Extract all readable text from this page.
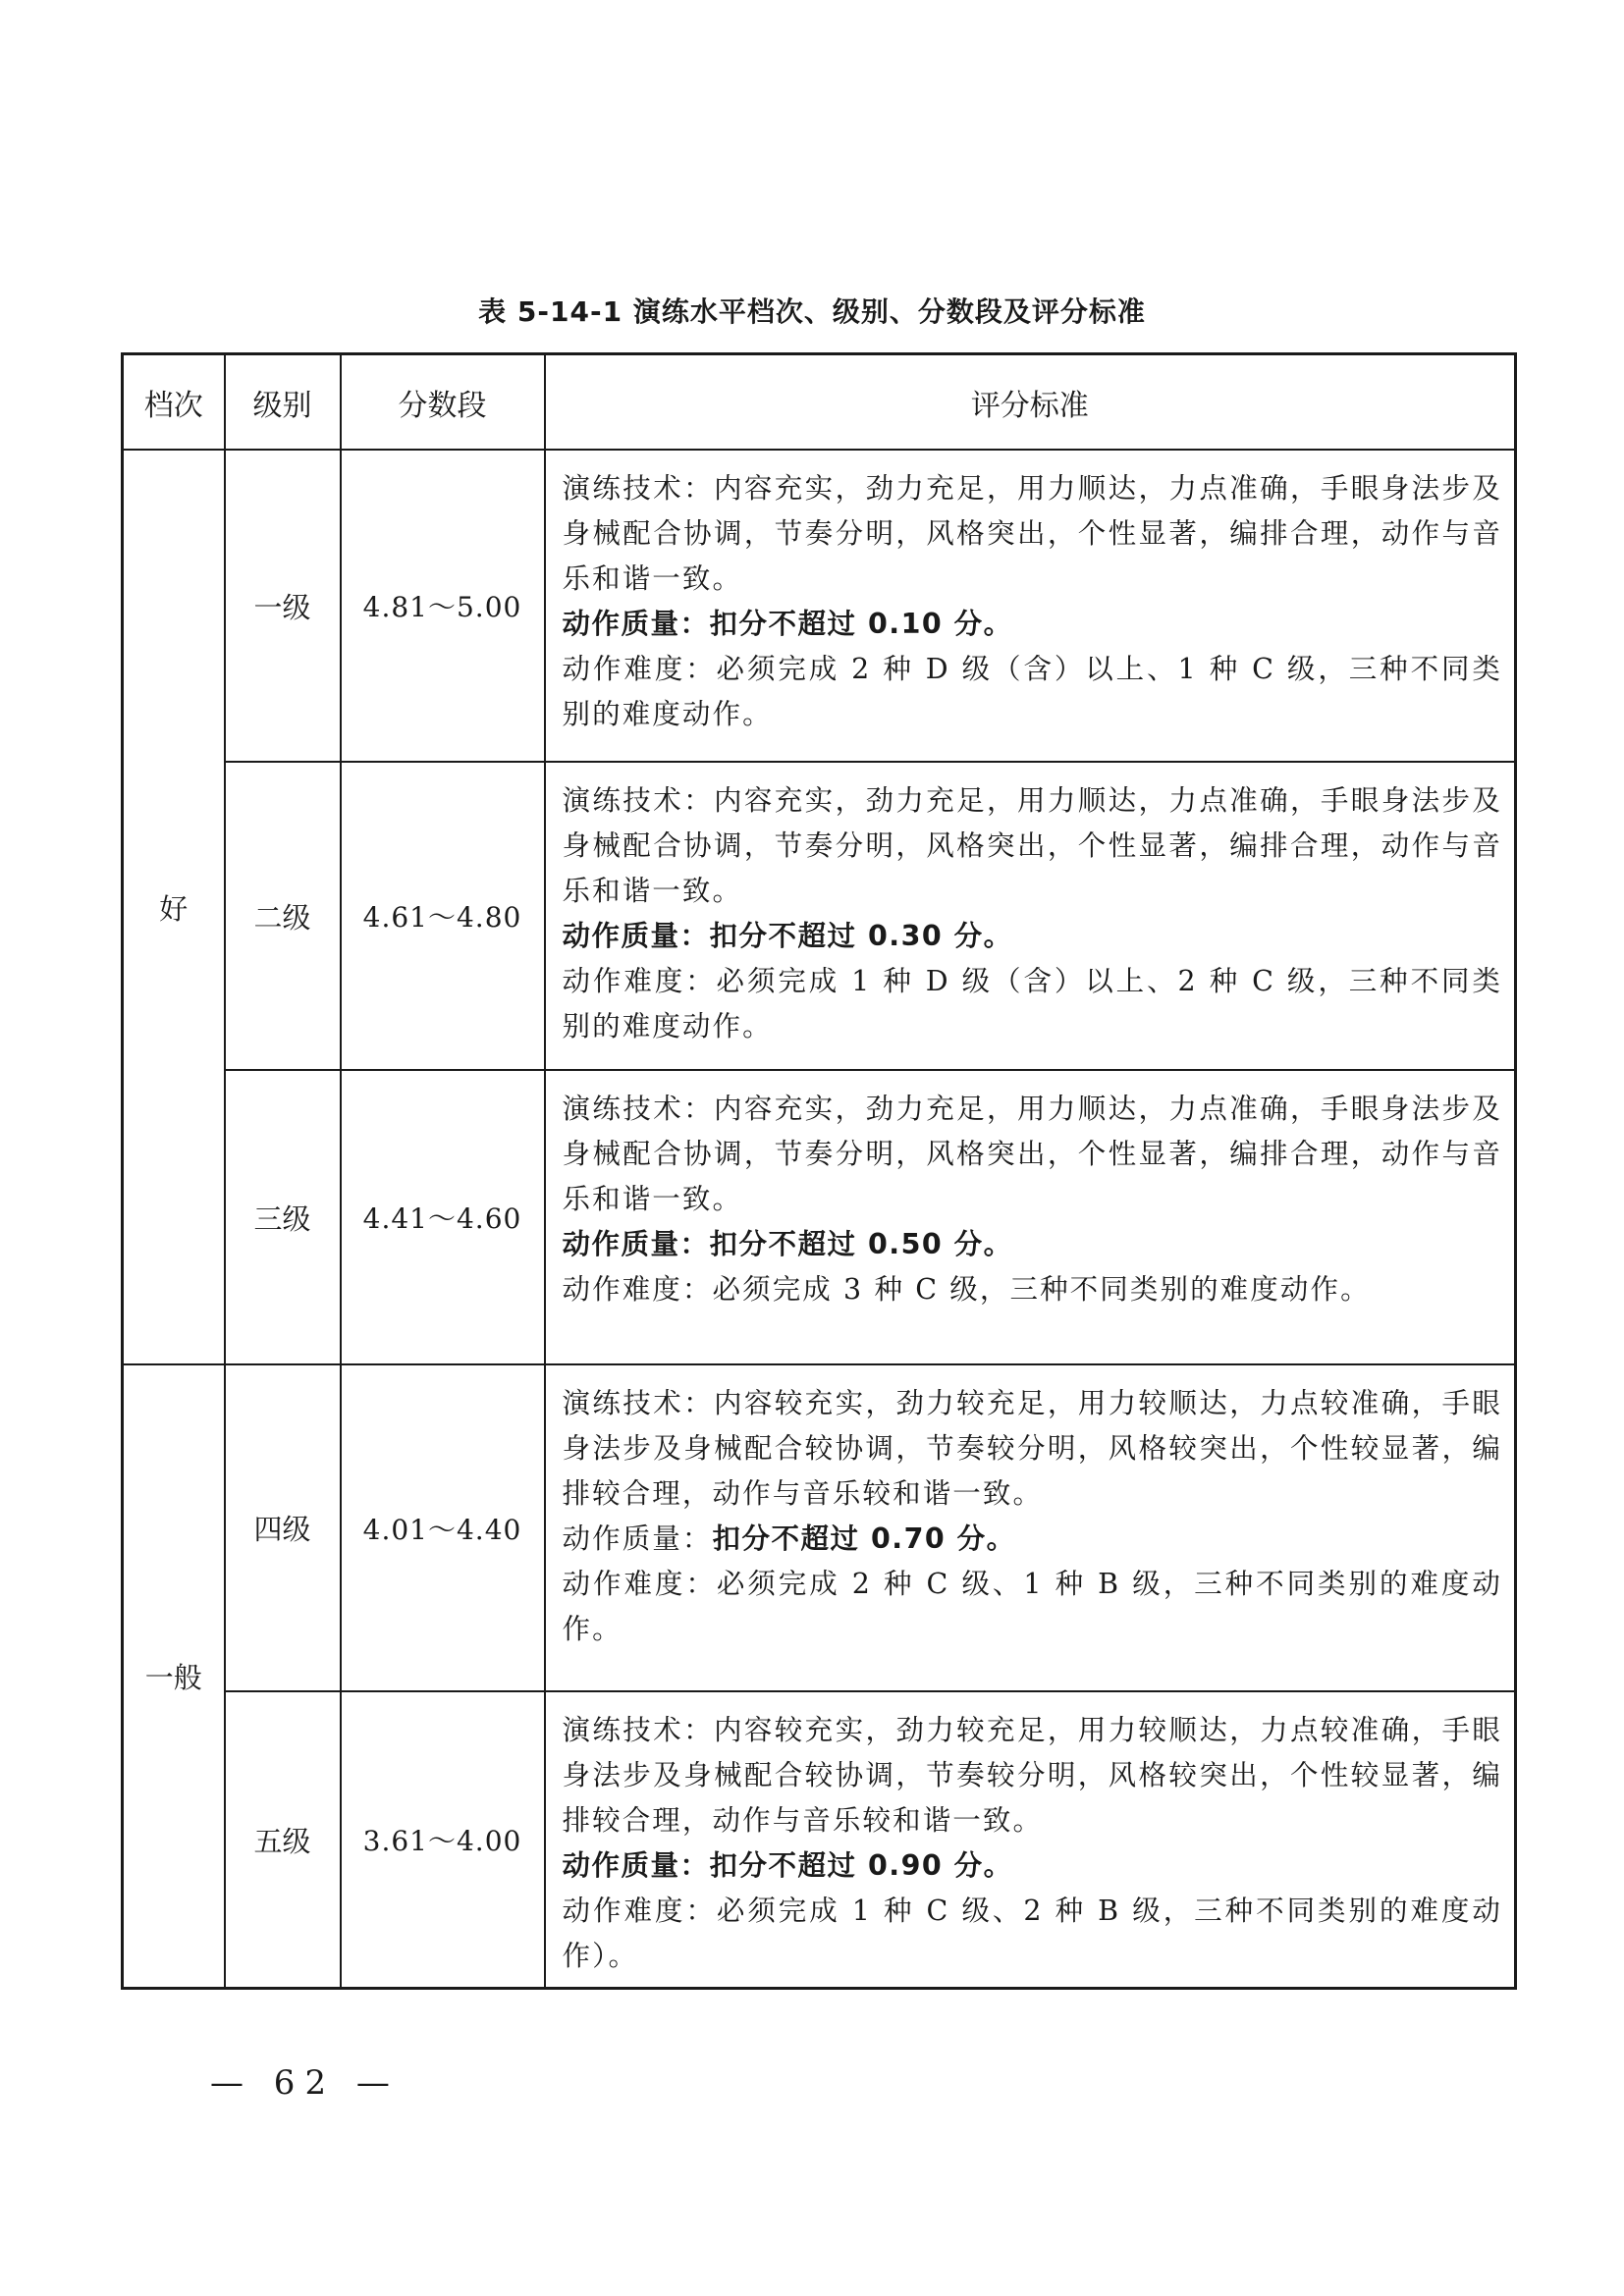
表 5-14-1 演练水平档次、级别、分数段及评分标准
档次	级别	分数段	评分标准
好	一级	4.81～5.00	演练技术：内容充实，劲力充足，用力顺达，力点准确，手眼身法步及身械配合协调，节奏分明，风格突出，个性显著，编排合理，动作与音乐和谐一致。
动作质量：扣分不超过 0.10 分。
动作难度：必须完成 2 种 D 级（含）以上、1 种 C 级，三种不同类别的难度动作。

	二级	4.61～4.80	演练技术：内容充实，劲力充足，用力顺达，力点准确，手眼身法步及身械配合协调，节奏分明，风格突出，个性显著，编排合理，动作与音乐和谐一致。
动作质量：扣分不超过 0.30 分。
动作难度：必须完成 1 种 D 级（含）以上、2 种 C 级，三种不同类别的难度动作。

	三级	4.41～4.60	演练技术：内容充实，劲力充足，用力顺达，力点准确，手眼身法步及身械配合协调，节奏分明，风格突出，个性显著，编排合理，动作与音乐和谐一致。
动作质量：扣分不超过 0.50 分。
动作难度：必须完成 3 种 C 级，三种不同类别的难度动作。

一般	四级	4.01～4.40	演练技术：内容较充实，劲力较充足，用力较顺达，力点较准确，手眼身法步及身械配合较协调，节奏较分明，风格较突出，个性较显著，编排较合理，动作与音乐较和谐一致。
动作质量：扣分不超过 0.70 分。
动作难度：必须完成 2 种 C 级、1 种 B 级，三种不同类别的难度动作。

	五级	3.61～4.00	演练技术：内容较充实，劲力较充足，用力较顺达，力点较准确，手眼身法步及身械配合较协调，节奏较分明，风格较突出，个性较显著，编排较合理，动作与音乐较和谐一致。
动作质量：扣分不超过 0.90 分。
动作难度：必须完成 1 种 C 级、2 种 B 级，三种不同类别的难度动作）。
— 62 —
